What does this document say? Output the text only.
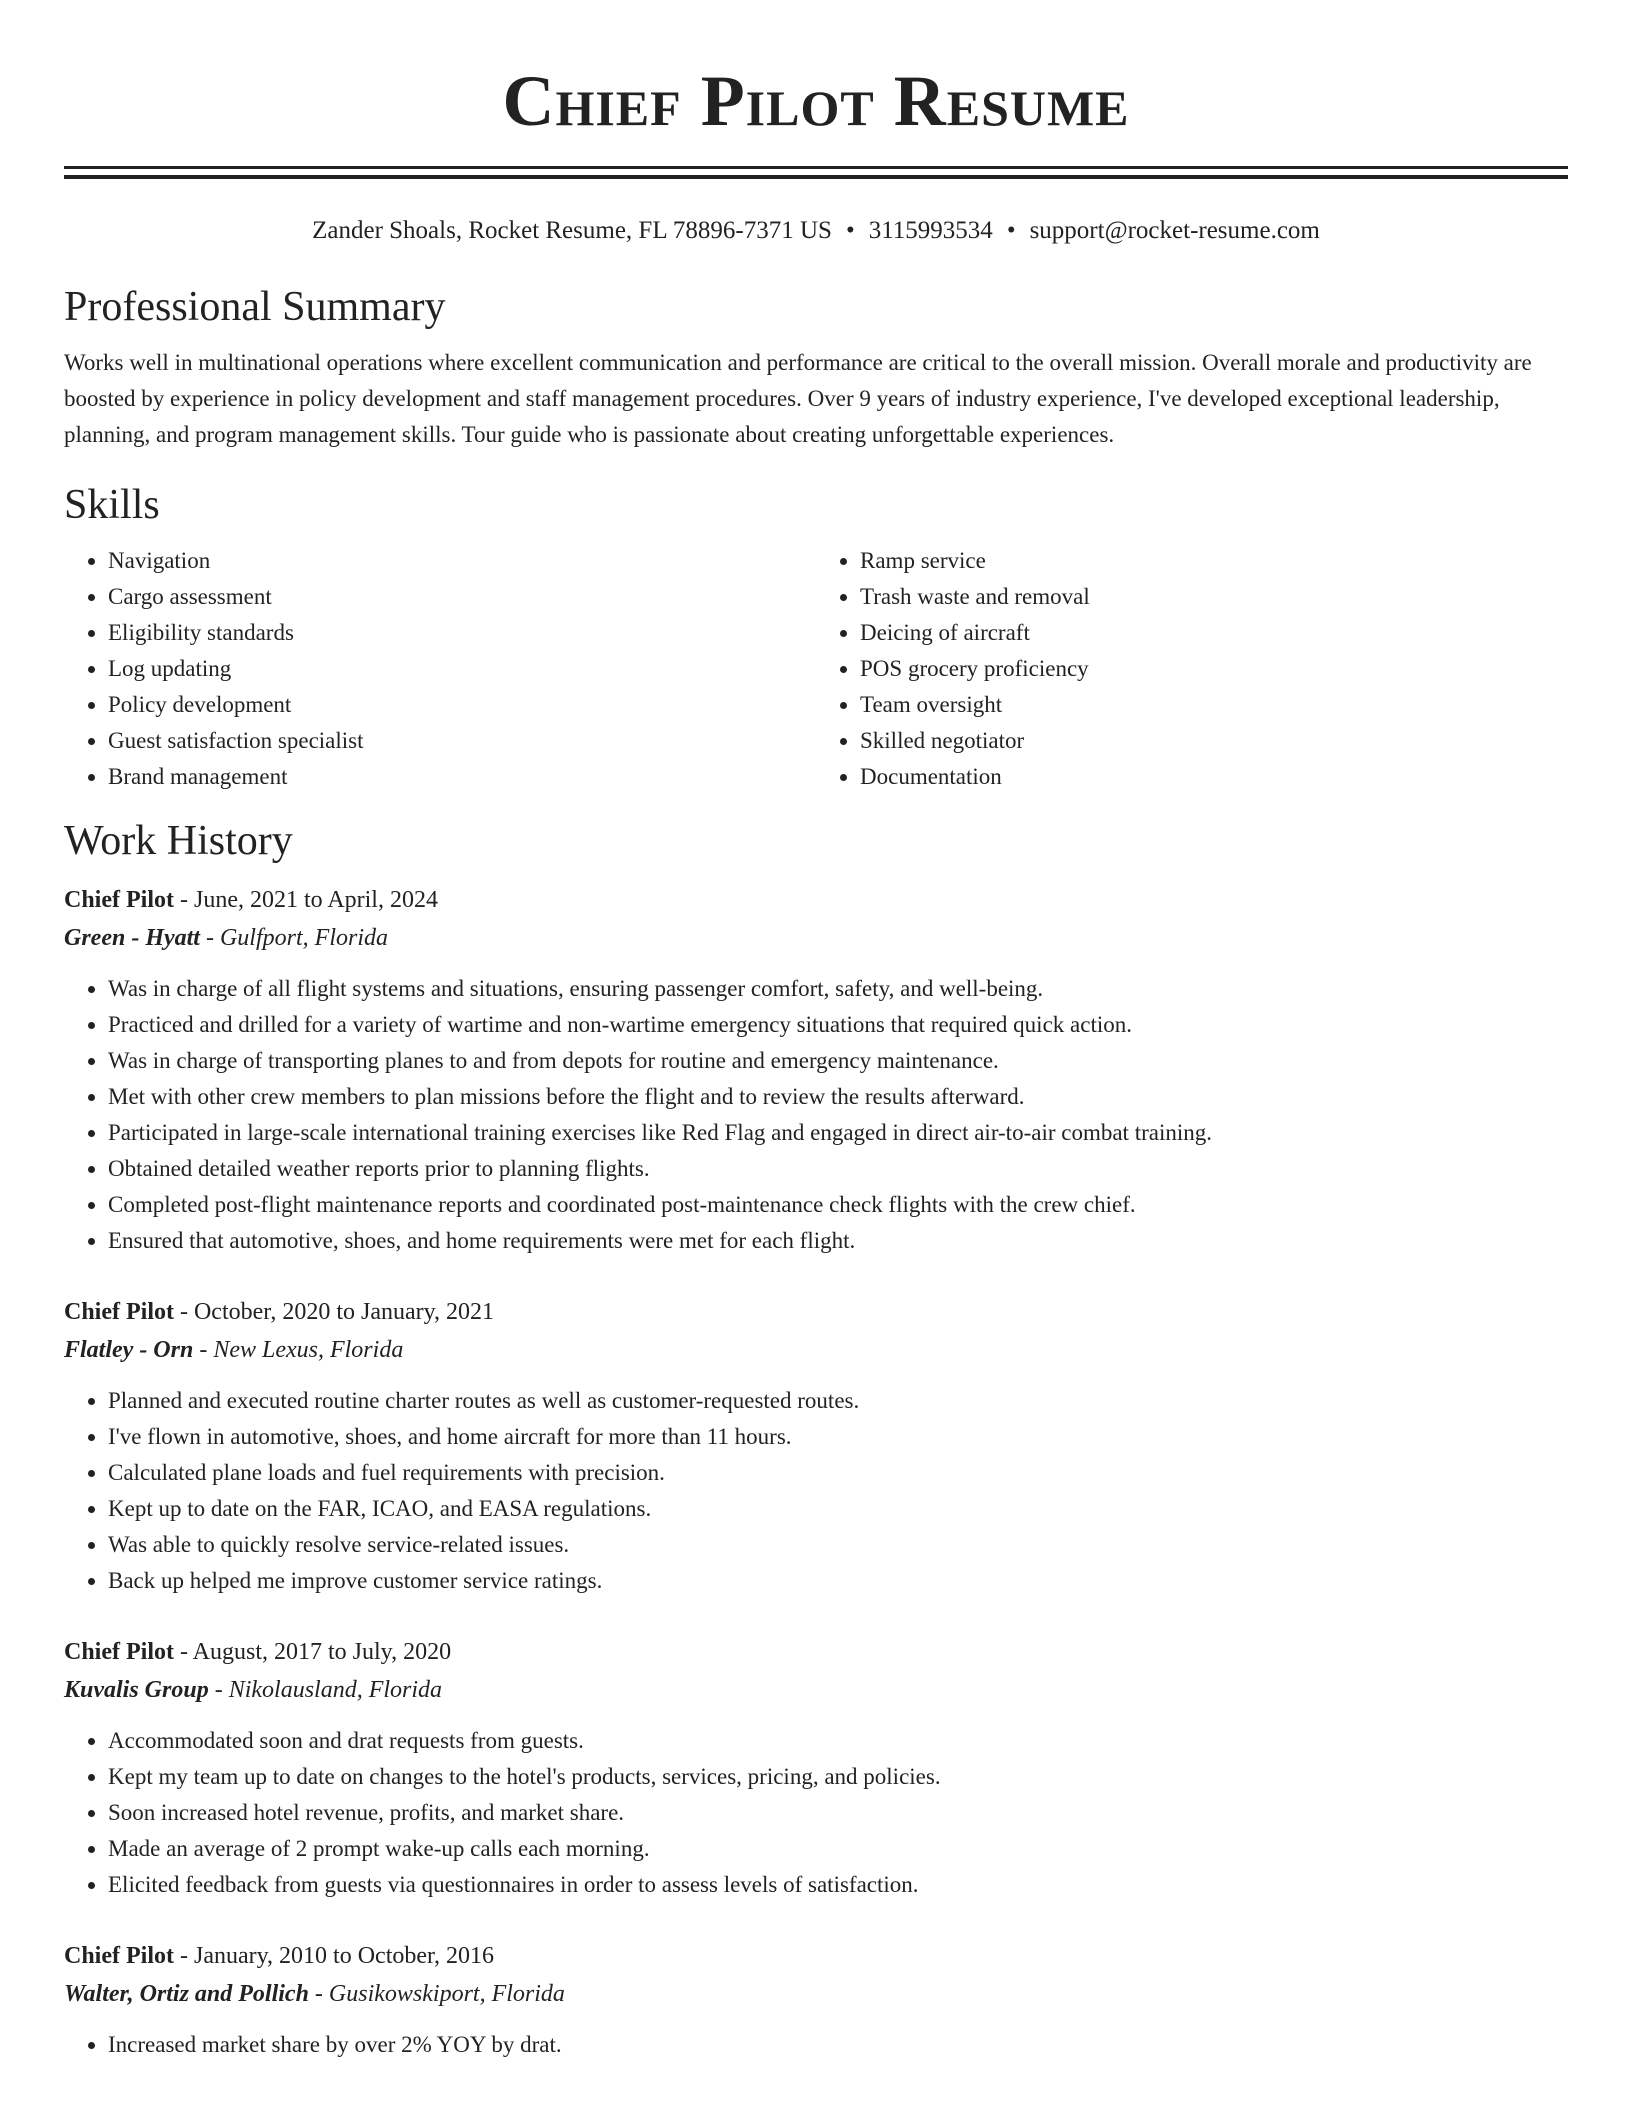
Chief Pilot Resume
Zander Shoals, Rocket Resume, FL 78896-7371 US • 3115993534 • support@rocket-resume.com
Professional Summary

Works well in multinational operations where excellent communication and performance are critical to the overall mission. Overall morale and productivity are boosted by experience in policy development and staff management procedures. Over 9 years of industry experience, I've developed exceptional leadership, planning, and program management skills. Tour guide who is passionate about creating unforgettable experiences.

Skills
• Navigation
• Cargo assessment
• Eligibility standards
• Log updating
• Policy development
• Guest satisfaction specialist
• Brand management
• Ramp service
• Trash waste and removal
• Deicing of aircraft
• POS grocery proficiency
• Team oversight
• Skilled negotiator
• Documentation
Work History
Chief Pilot - June, 2021 to April, 2024
Green - Hyatt - Gulfport, Florida
• Was in charge of all flight systems and situations, ensuring passenger comfort, safety, and well-being.
• Practiced and drilled for a variety of wartime and non-wartime emergency situations that required quick action.
• Was in charge of transporting planes to and from depots for routine and emergency maintenance.
• Met with other crew members to plan missions before the flight and to review the results afterward.
• Participated in large-scale international training exercises like Red Flag and engaged in direct air-to-air combat training.
• Obtained detailed weather reports prior to planning flights.
• Completed post-flight maintenance reports and coordinated post-maintenance check flights with the crew chief.
• Ensured that automotive, shoes, and home requirements were met for each flight.
Chief Pilot - October, 2020 to January, 2021
Flatley - Orn - New Lexus, Florida
• Planned and executed routine charter routes as well as customer-requested routes.
• I've flown in automotive, shoes, and home aircraft for more than 11 hours.
• Calculated plane loads and fuel requirements with precision.
• Kept up to date on the FAR, ICAO, and EASA regulations.
• Was able to quickly resolve service-related issues.
• Back up helped me improve customer service ratings.
Chief Pilot - August, 2017 to July, 2020
Kuvalis Group - Nikolausland, Florida
• Accommodated soon and drat requests from guests.
• Kept my team up to date on changes to the hotel's products, services, pricing, and policies.
• Soon increased hotel revenue, profits, and market share.
• Made an average of 2 prompt wake-up calls each morning.
• Elicited feedback from guests via questionnaires in order to assess levels of satisfaction.
Chief Pilot - January, 2010 to October, 2016
Walter, Ortiz and Pollich - Gusikowskiport, Florida
• Increased market share by over 2% YOY by drat.
